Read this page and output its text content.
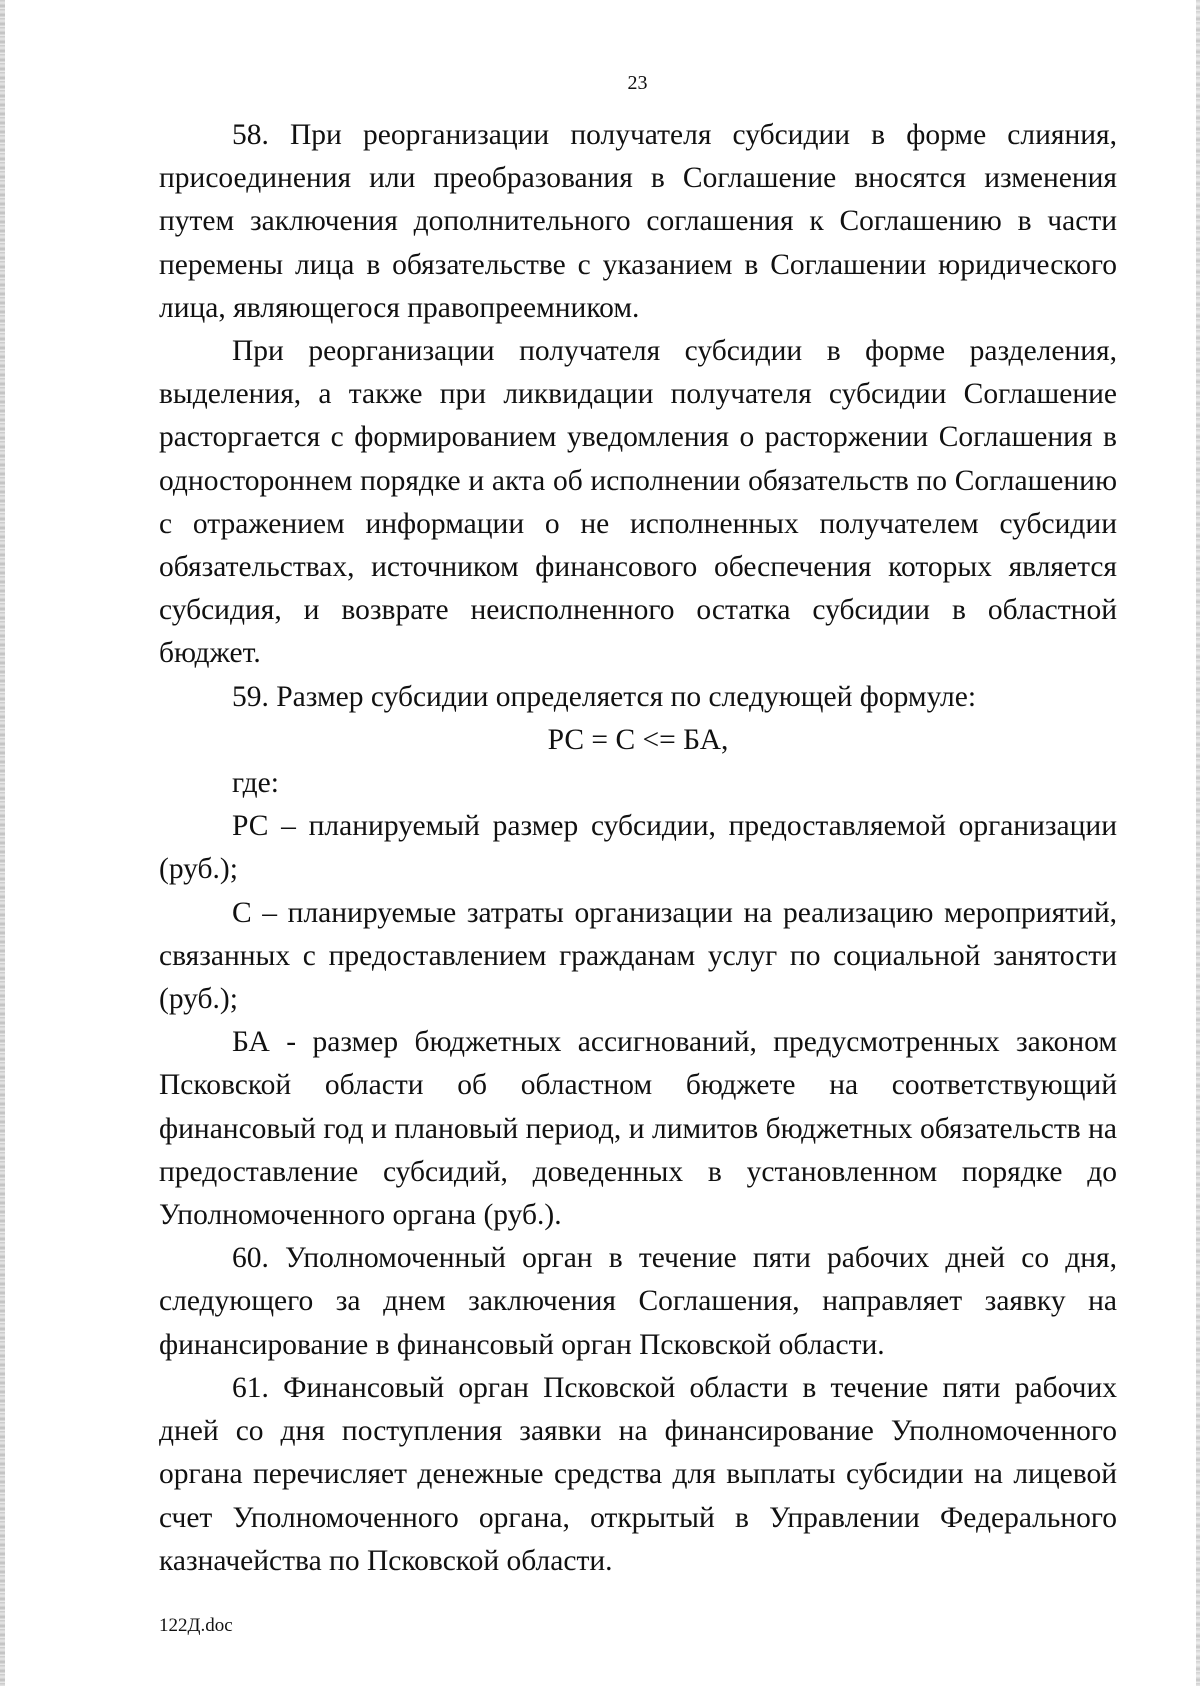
23

58. При реорганизации получателя субсидии в форме слияния, присоединения или преобразования в Соглашение вносятся изменения путем заключения дополнительного соглашения к Соглашению в части перемены лица в обязательстве с указанием в Соглашении юридического лица, являющегося правопреемником.

При реорганизации получателя субсидии в форме разделения, выделения, а также при ликвидации получателя субсидии Соглашение расторгается с формированием уведомления о расторжении Соглашения в одностороннем порядке и акта об исполнении обязательств по Соглашению с отражением информации о не исполненных получателем субсидии обязательствах, источником финансового обеспечения которых является субсидия, и возврате неисполненного остатка субсидии в областной бюджет.

59. Размер субсидии определяется по следующей формуле:

РС = С <= БА,

где:

РС – планируемый размер субсидии, предоставляемой организации (руб.);

С – планируемые затраты организации на реализацию мероприятий, связанных с предоставлением гражданам услуг по социальной занятости (руб.);

БА - размер бюджетных ассигнований, предусмотренных законом Псковской области об областном бюджете на соответствующий финансовый год и плановый период, и лимитов бюджетных обязательств на предоставление субсидий, доведенных в установленном порядке до Уполномоченного органа (руб.).

60. Уполномоченный орган в течение пяти рабочих дней со дня, следующего за днем заключения Соглашения, направляет заявку на финансирование в финансовый орган Псковской области.

61. Финансовый орган Псковской области в течение пяти рабочих дней со дня поступления заявки на финансирование Уполномоченного органа перечисляет денежные средства для выплаты субсидии на лицевой счет Уполномоченного органа, открытый в Управлении Федерального казначейства по Псковской области.

122Д.doc
